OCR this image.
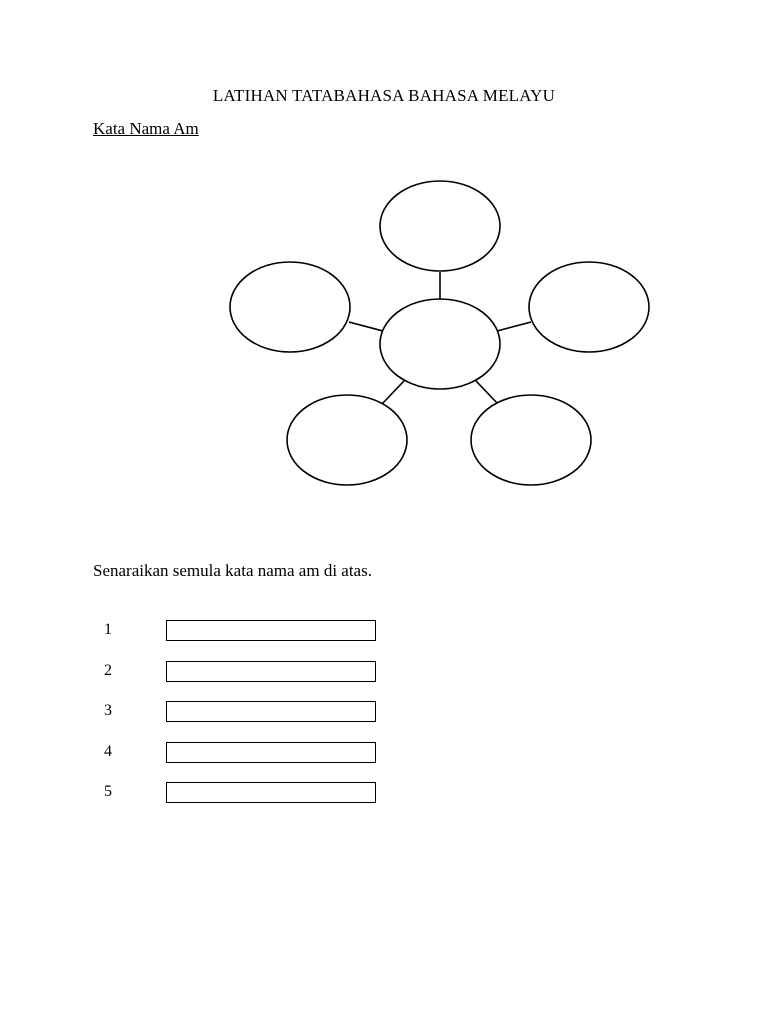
LATIHAN TATABAHASA BAHASA MELAYU
Kata Nama Am
Senaraikan semula kata nama am di atas.
1
2
3
4
5
